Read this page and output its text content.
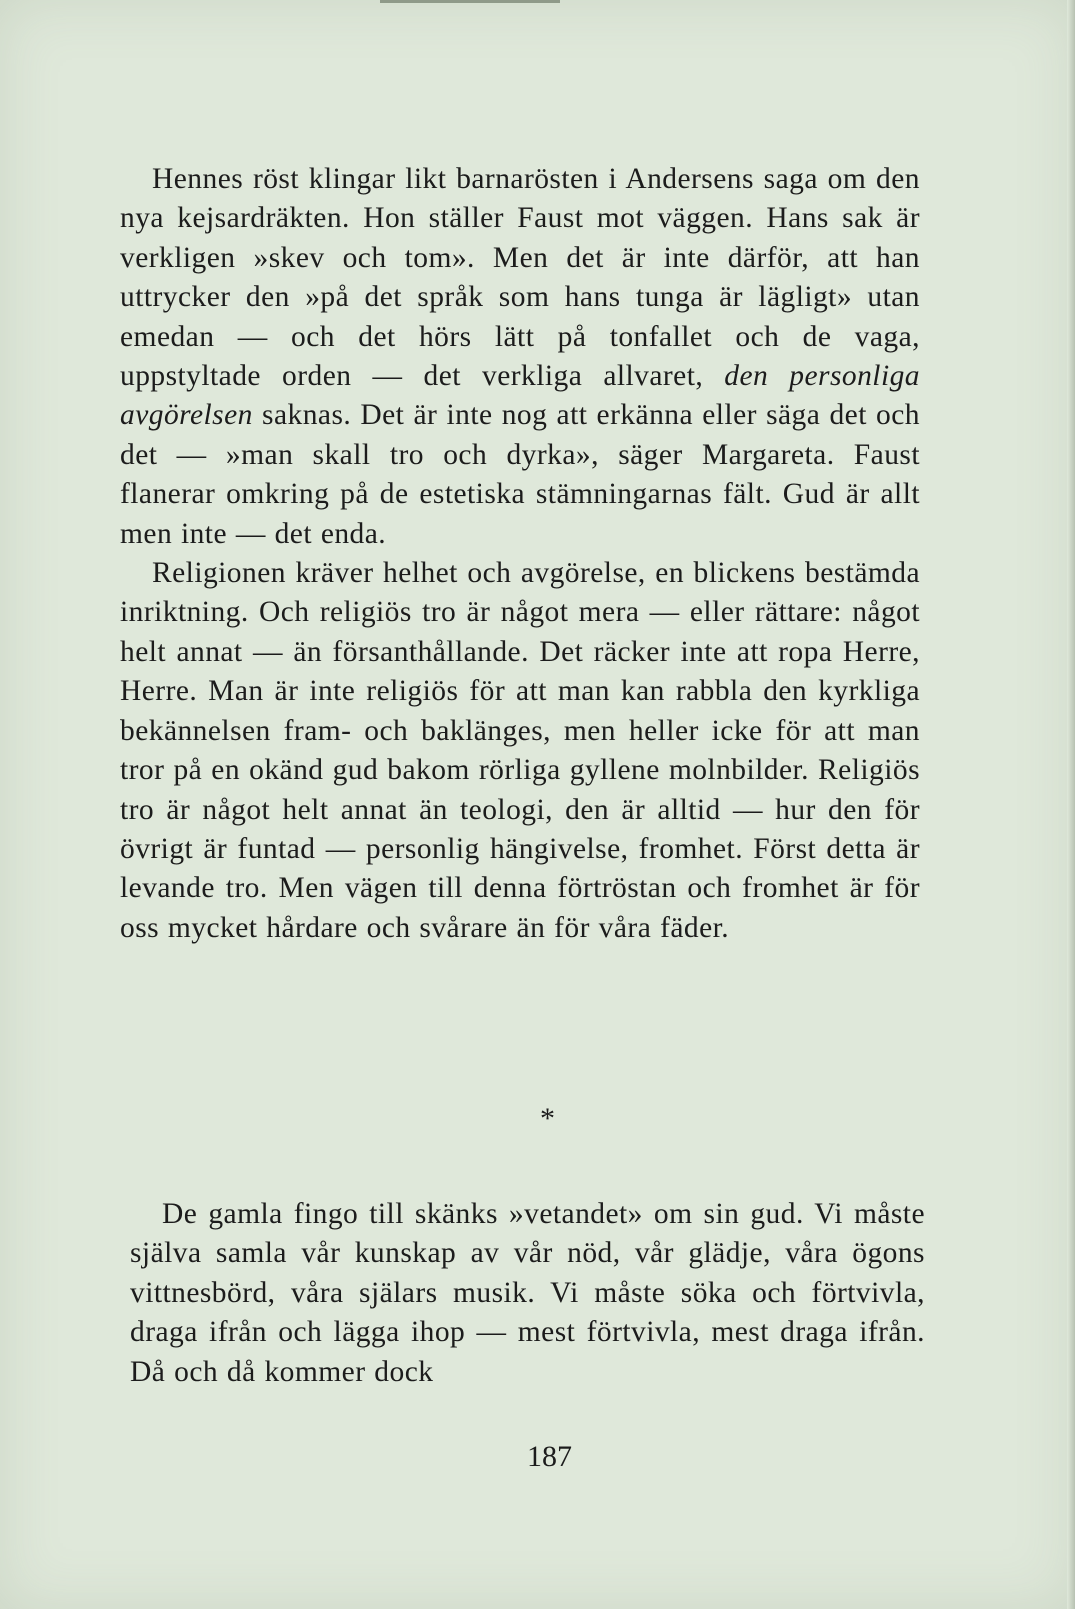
Hennes röst klingar likt barnarösten i Andersens saga om den nya kejsardräkten. Hon ställer Faust mot väggen. Hans sak är verkligen »skev och tom». Men det är inte därför, att han uttrycker den »på det språk som hans tunga är lägligt» utan emedan — och det hörs lätt på tonfallet och de vaga, uppstyltade orden — det verkliga allvaret, den personliga avgörelsen saknas. Det är inte nog att erkänna eller säga det och det — »man skall tro och dyrka», säger Margareta. Faust flanerar omkring på de estetiska stämningarnas fält. Gud är allt men inte — det enda.

Religionen kräver helhet och avgörelse, en blickens bestämda inriktning. Och religiös tro är något mera — eller rättare: något helt annat — än försanthållande. Det räcker inte att ropa Herre, Herre. Man är inte religiös för att man kan rabbla den kyrkliga bekännelsen fram- och baklänges, men heller icke för att man tror på en okänd gud bakom rörliga gyllene molnbilder. Religiös tro är något helt annat än teologi, den är alltid — hur den för övrigt är funtad — personlig hängivelse, fromhet. Först detta är levande tro. Men vägen till denna förtröstan och fromhet är för oss mycket hårdare och svårare än för våra fäder.

*

De gamla fingo till skänks »vetandet» om sin gud. Vi måste själva samla vår kunskap av vår nöd, vår glädje, våra ögons vittnesbörd, våra själars musik. Vi måste söka och förtvivla, draga ifrån och lägga ihop — mest förtvivla, mest draga ifrån. Då och då kommer dock

187
